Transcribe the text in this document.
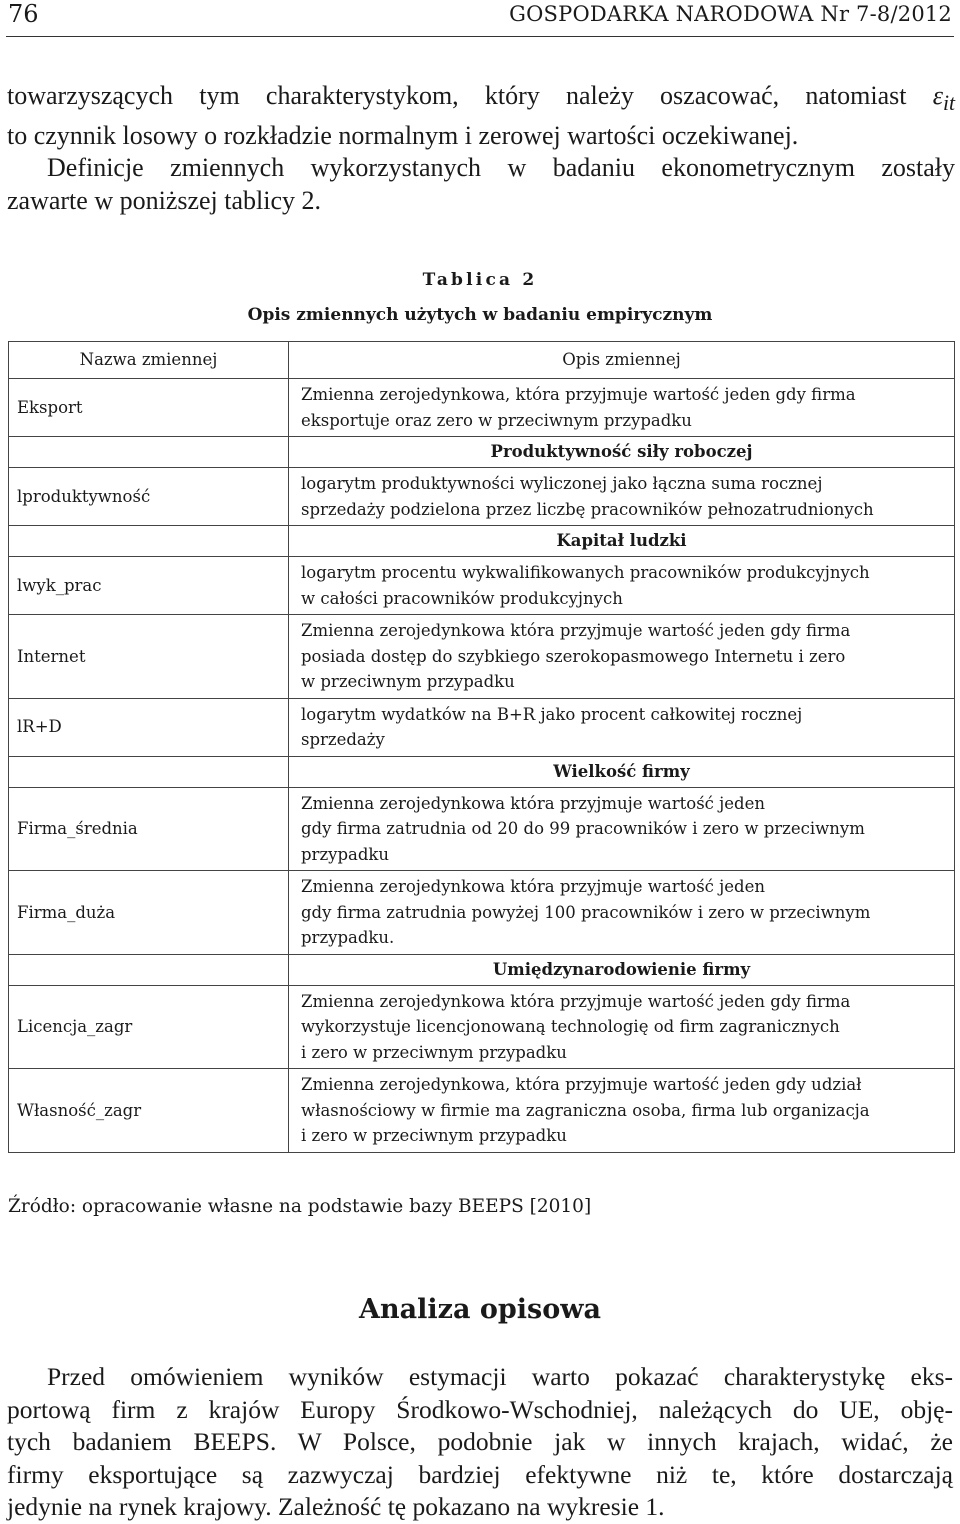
76	GOSPODARKA NARODOWA Nr 7-8/2012
towarzyszących tym charakterystykom, który należy oszacować, natomiast $\varepsilon_{it}$
to czynnik losowy o rozkładzie normalnym i zerowej wartości oczekiwanej.
Definicje zmiennych wykorzystanych w badaniu ekonometrycznym zostały
zawarte w poniższej tablicy 2.
Tablica 2
Opis zmiennych użytych w badaniu empirycznym
Nazwa zmiennej	Opis zmiennej
Eksport	Zmienna zerojedynkowa, która przyjmuje wartość jeden gdy firma
eksportuje oraz zero w przeciwnym przypadku

	Produktywność siły roboczej
lproduktywność	logarytm produktywności wyliczonej jako łączna suma rocznej
sprzedaży podzielona przez liczbę pracowników pełnozatrudnionych

	Kapitał ludzki
lwyk_prac	logarytm procentu wykwalifikowanych pracowników produkcyjnych
w całości pracowników produkcyjnych

Internet	Zmienna zerojedynkowa która przyjmuje wartość jeden gdy firma
posiada dostęp do szybkiego szerokopasmowego Internetu i zero
w przeciwnym przypadku

lR+D	logarytm wydatków na B+R jako procent całkowitej rocznej
sprzedaży

	Wielkość firmy
Firma_średnia	Zmienna zerojedynkowa która przyjmuje wartość jeden
gdy firma zatrudnia od 20 do 99 pracowników i zero w przeciwnym
przypadku

Firma_duża	Zmienna zerojedynkowa która przyjmuje wartość jeden
gdy firma zatrudnia powyżej 100 pracowników i zero w przeciwnym
przypadku.

	Umiędzynarodowienie firmy
Licencja_zagr	Zmienna zerojedynkowa która przyjmuje wartość jeden gdy firma
wykorzystuje licencjonowaną technologię od firm zagranicznych
i zero w przeciwnym przypadku

Własność_zagr	Zmienna zerojedynkowa, która przyjmuje wartość jeden gdy udział
własnościowy w firmie ma zagraniczna osoba, firma lub organizacja
i zero w przeciwnym przypadku
Źródło: opracowanie własne na podstawie bazy BEEPS [2010]
Analiza opisowa
Przed omówieniem wyników estymacji warto pokazać charakterystykę eks-
portową firm z krajów Europy Środkowo-Wschodniej, należących do UE, obję-
tych badaniem BEEPS. W Polsce, podobnie jak w innych krajach, widać, że
firmy eksportujące są zazwyczaj bardziej efektywne niż te, które dostarczają
jedynie na rynek krajowy. Zależność tę pokazano na wykresie 1.
